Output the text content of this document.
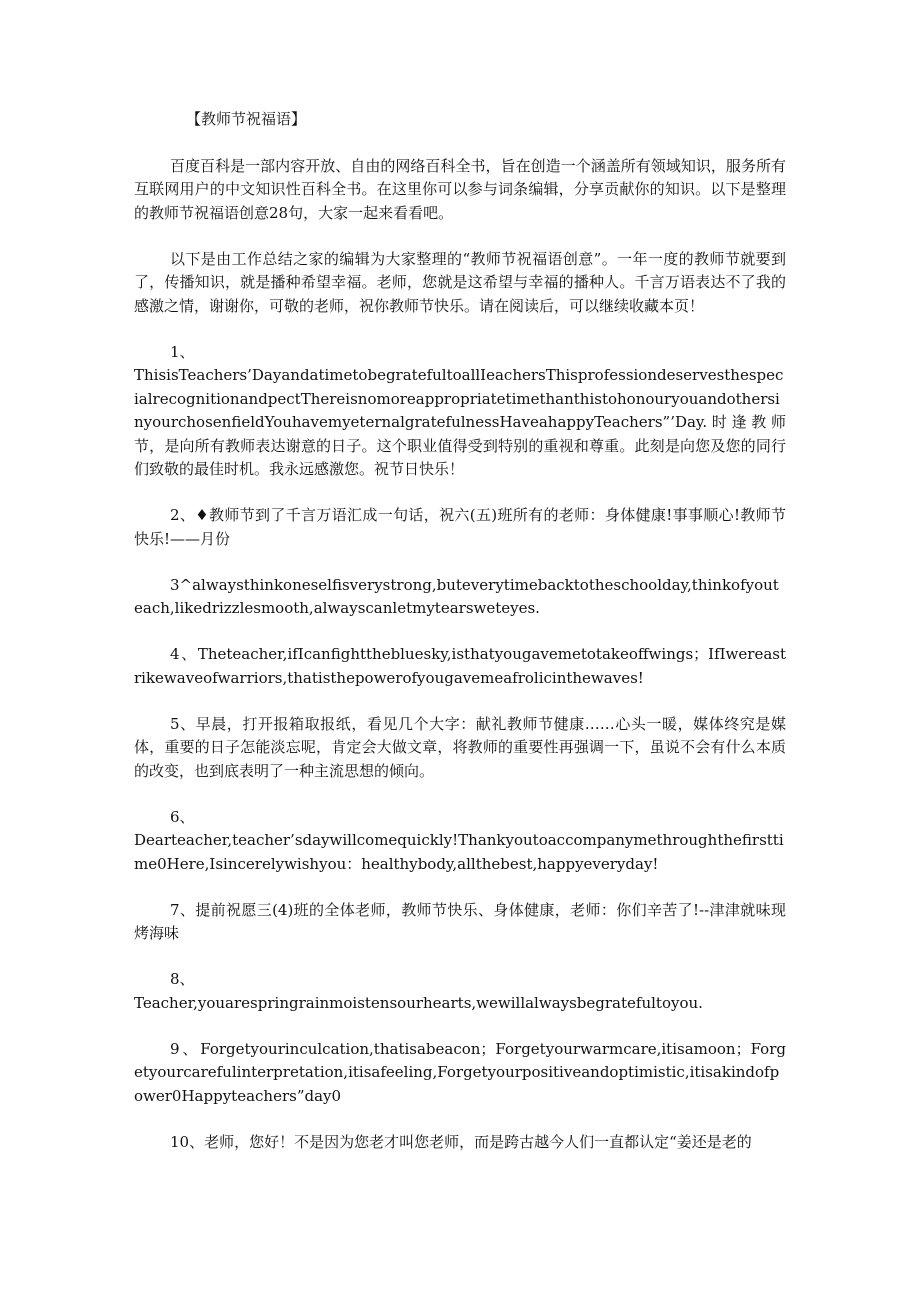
【教师节祝福语】

百度百科是一部内容开放、自由的网络百科全书，旨在创造一个涵盖所有领域知识，服务所有互联网用户的中文知识性百科全书。在这里你可以参与词条编辑，分享贡献你的知识。以下是整理的教师节祝福语创意28句，大家一起来看看吧。

以下是由工作总结之家的编辑为大家整理的“教师节祝福语创意”。一年一度的教师节就要到了，传播知识，就是播种希望幸福。老师，您就是这希望与幸福的播种人。千言万语表达不了我的感激之情，谢谢你，可敬的老师，祝你教师节快乐。请在阅读后，可以继续收藏本页！

1、
ThisisTeachers’DayandatimetobegratefultoallIeachersThisprofessiondeservesthespecialrecognitionandpectThereisnomoreappropriatetimethanthistohonouryouandothersinyourchosenfieldYouhavemyeternalgratefulnessHaveahappyTeachers”’Day.时逢教师节，是向所有教师表达谢意的日子。这个职业值得受到特别的重视和尊重。此刻是向您及您的同行们致敬的最佳时机。我永远感激您。祝节日快乐！

2、♦教师节到了千言万语汇成一句话，祝六(五)班所有的老师：身体健康!事事顺心!教师节快乐!——月份

3^alwaysthinkoneselfisverystrong,buteverytimebacktotheschoolday,thinkofyouteach,likedrizzlesmooth,alwayscanletmytearsweteyes.

4、Theteacher,ifIcanfightthebluesky,isthatyougavemetotakeoffwings；IfIwereastrikewaveofwarriors,thatisthepowerofyougavemeafrolicinthewaves!

5、早晨，打开报箱取报纸，看见几个大字：献礼教师节健康……心头一暖，媒体终究是媒体，重要的日子怎能淡忘呢，肯定会大做文章，将教师的重要性再强调一下，虽说不会有什么本质的改变，也到底表明了一种主流思想的倾向。

6、
Dearteacher,teacher’sdaywillcomequickly!Thankyoutoaccompanymethroughthefirsttime0Here,Isincerelywishyou：healthybody,allthebest,happyeveryday!

7、提前祝愿三(4)班的全体老师，教师节快乐、身体健康，老师：你们辛苦了!--津津就味现烤海味

8、
Teacher,youarespringrainmoistensourhearts,wewillalwaysbegratefultoyou.

9、Forgetyourinculcation,thatisabeacon；Forgetyourwarmcare,itisamoon；Forgetyourcarefulinterpretation,itisafeeling,Forgetyourpositiveandoptimistic,itisakindofpower0Happyteachers”day0

10、老师，您好！不是因为您老才叫您老师，而是跨古越今人们一直都认定“姜还是老的
